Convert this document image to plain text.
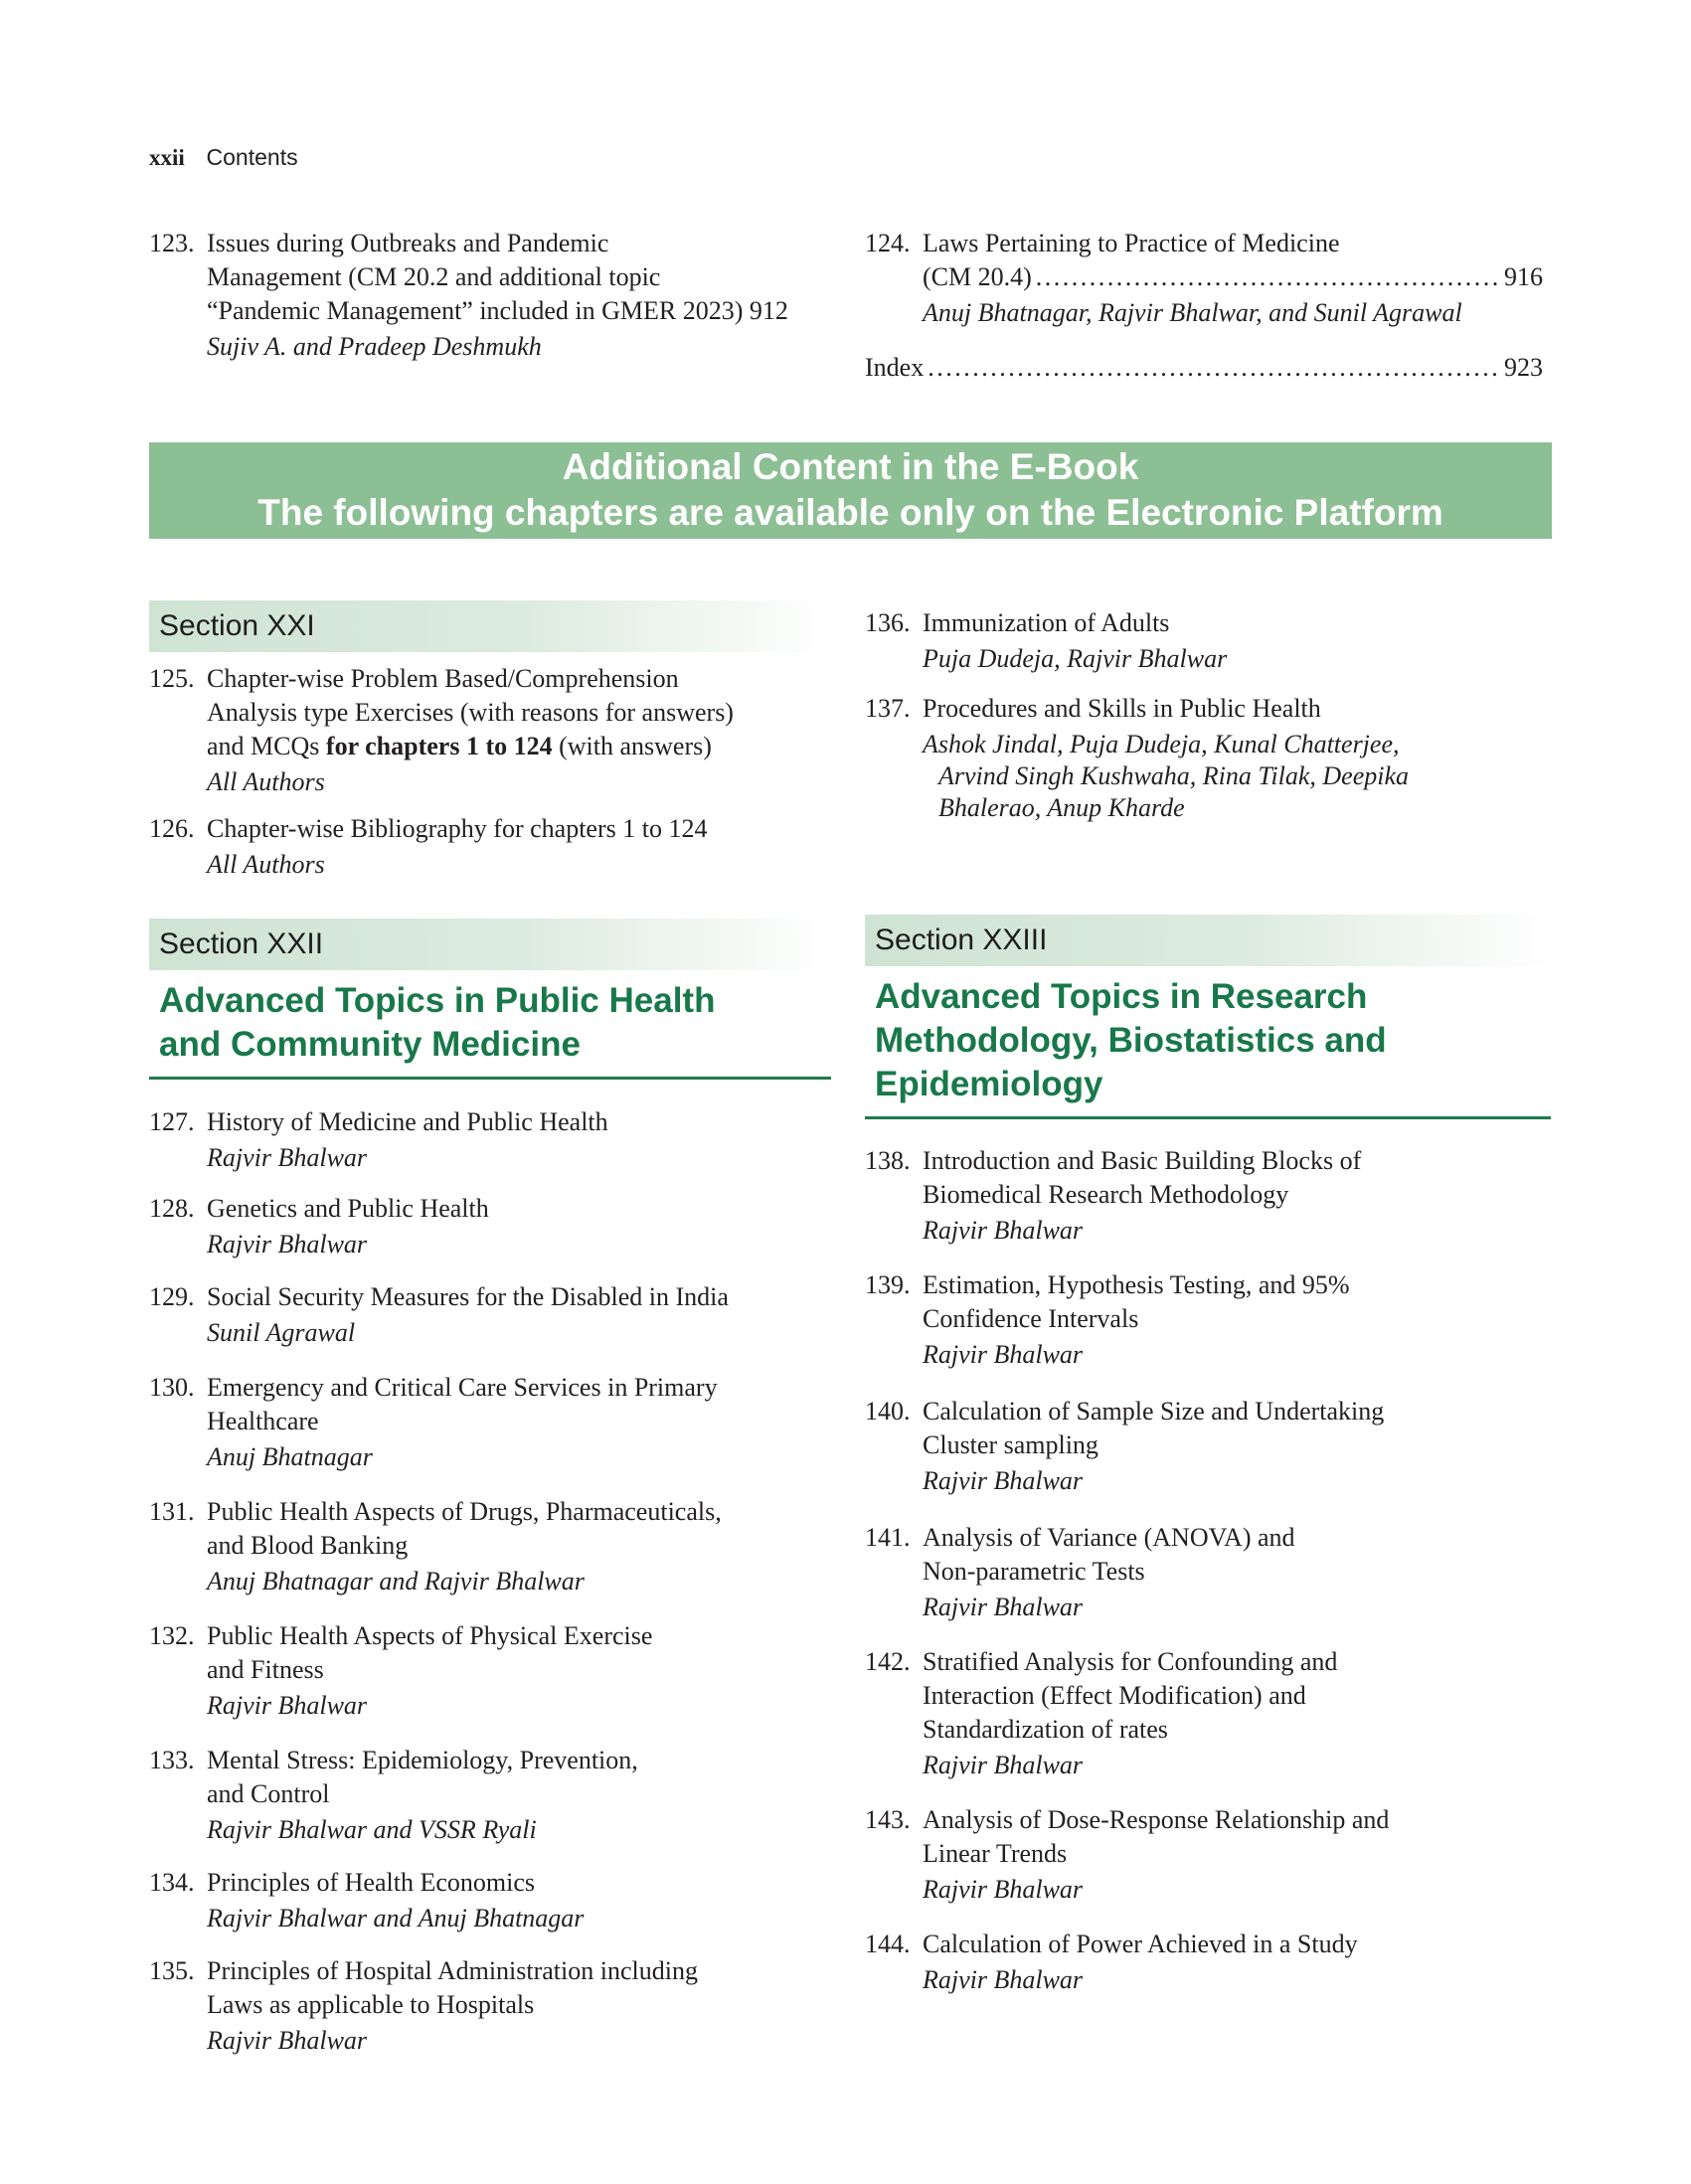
xxii Contents
123. Issues during Outbreaks and Pandemic
Management (CM 20.2 and additional topic
“Pandemic Management” included in GMER 2023) 912
Sujiv A. and Pradeep Deshmukh
124. Laws Pertaining to Practice of Medicine
(CM 20.4) . . .	916
Anuj Bhatnagar, Rajvir Bhalwar, and Sunil Agrawal
Index . . .	923
Additional Content in the E-Book
The following chapters are available only on the Electronic Platform
Section XXI
125. Chapter-wise Problem Based/Comprehension
Analysis type Exercises (with reasons for answers)
and MCQs for chapters 1 to 124 (with answers)
All Authors
126. Chapter-wise Bibliography for chapters 1 to 124
All Authors
136. Immunization of Adults
Puja Dudeja, Rajvir Bhalwar
137. Procedures and Skills in Public Health
Ashok Jindal, Puja Dudeja, Kunal Chatterjee,
Arvind Singh Kushwaha, Rina Tilak, Deepika
Bhalerao, Anup Kharde
Section XXII
Advanced Topics in Public Health
and Community Medicine
127. History of Medicine and Public Health
Rajvir Bhalwar
128. Genetics and Public Health
Rajvir Bhalwar
129. Social Security Measures for the Disabled in India
Sunil Agrawal
130. Emergency and Critical Care Services in Primary
Healthcare
Anuj Bhatnagar
131. Public Health Aspects of Drugs, Pharmaceuticals,
and Blood Banking
Anuj Bhatnagar and Rajvir Bhalwar
132. Public Health Aspects of Physical Exercise
and Fitness
Rajvir Bhalwar
133. Mental Stress: Epidemiology, Prevention,
and Control
Rajvir Bhalwar and VSSR Ryali
134. Principles of Health Economics
Rajvir Bhalwar and Anuj Bhatnagar
135. Principles of Hospital Administration including
Laws as applicable to Hospitals
Rajvir Bhalwar
Section XXIII
Advanced Topics in Research
Methodology, Biostatistics and
Epidemiology
138. Introduction and Basic Building Blocks of
Biomedical Research Methodology
Rajvir Bhalwar
139. Estimation, Hypothesis Testing, and 95%
Confidence Intervals
Rajvir Bhalwar
140. Calculation of Sample Size and Undertaking
Cluster sampling
Rajvir Bhalwar
141. Analysis of Variance (ANOVA) and
Non-parametric Tests
Rajvir Bhalwar
142. Stratified Analysis for Confounding and
Interaction (Effect Modification) and
Standardization of rates
Rajvir Bhalwar
143. Analysis of Dose-Response Relationship and
Linear Trends
Rajvir Bhalwar
144. Calculation of Power Achieved in a Study
Rajvir Bhalwar
